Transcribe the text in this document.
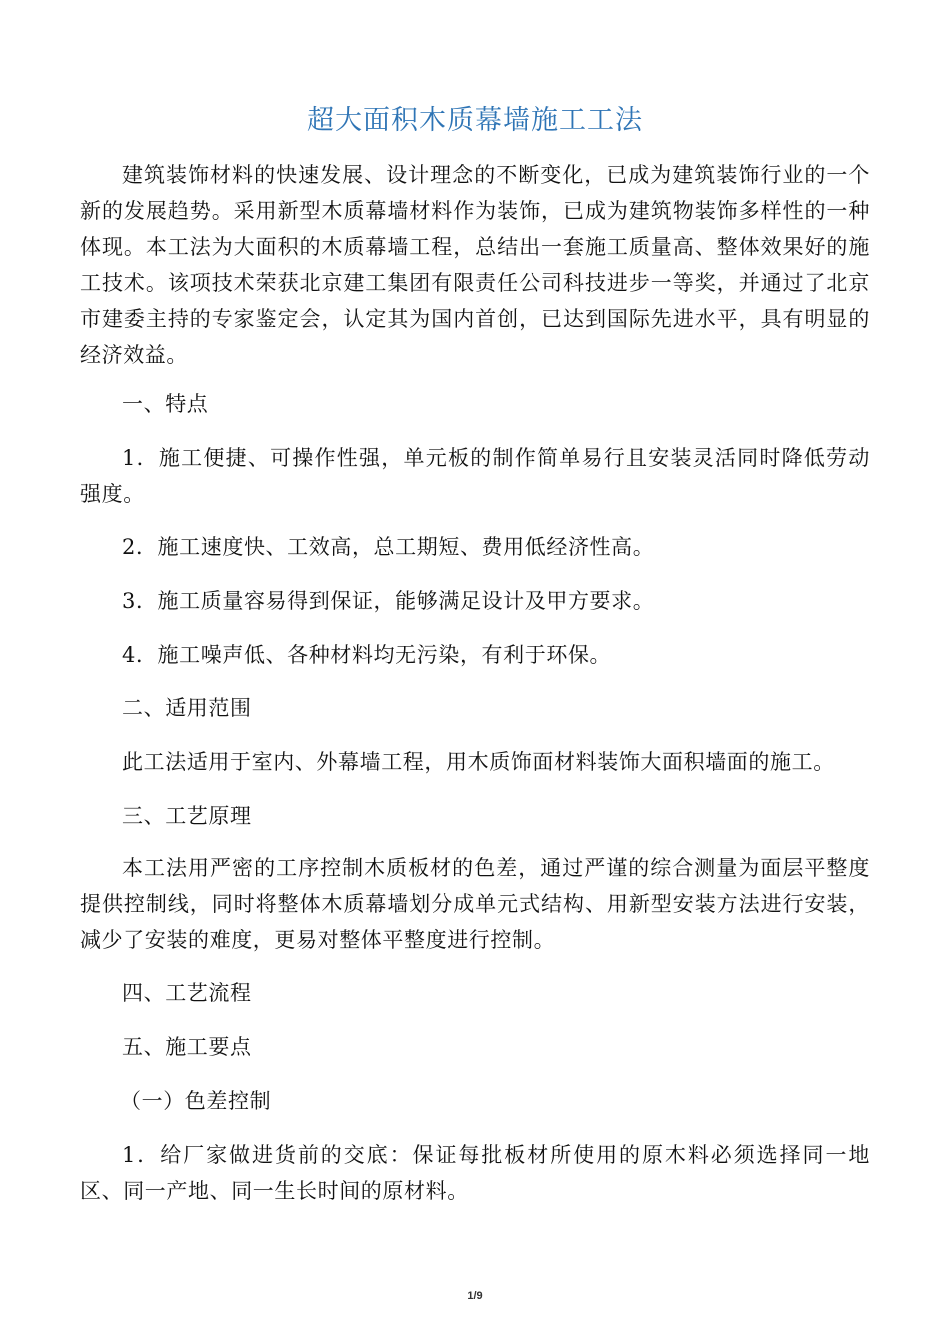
超大面积木质幕墙施工工法
建筑装饰材料的快速发展、设计理念的不断变化，已成为建筑装饰行业的一个新的发展趋势。采用新型木质幕墙材料作为装饰，已成为建筑物装饰多样性的一种体现。本工法为大面积的木质幕墙工程，总结出一套施工质量高、整体效果好的施工技术。该项技术荣获北京建工集团有限责任公司科技进步一等奖，并通过了北京市建委主持的专家鉴定会，认定其为国内首创，已达到国际先进水平，具有明显的经济效益。
一、特点
1．施工便捷、可操作性强，单元板的制作简单易行且安装灵活同时降低劳动强度。
2．施工速度快、工效高，总工期短、费用低经济性高。
3．施工质量容易得到保证，能够满足设计及甲方要求。
4．施工噪声低、各种材料均无污染，有利于环保。
二、适用范围
此工法适用于室内、外幕墙工程，用木质饰面材料装饰大面积墙面的施工。
三、工艺原理
本工法用严密的工序控制木质板材的色差，通过严谨的综合测量为面层平整度提供控制线，同时将整体木质幕墙划分成单元式结构、用新型安装方法进行安装，减少了安装的难度，更易对整体平整度进行控制。
四、工艺流程
五、施工要点
（一）色差控制
1．给厂家做进货前的交底：保证每批板材所使用的原木料必须选择同一地区、同一产地、同一生长时间的原材料。
1/9
